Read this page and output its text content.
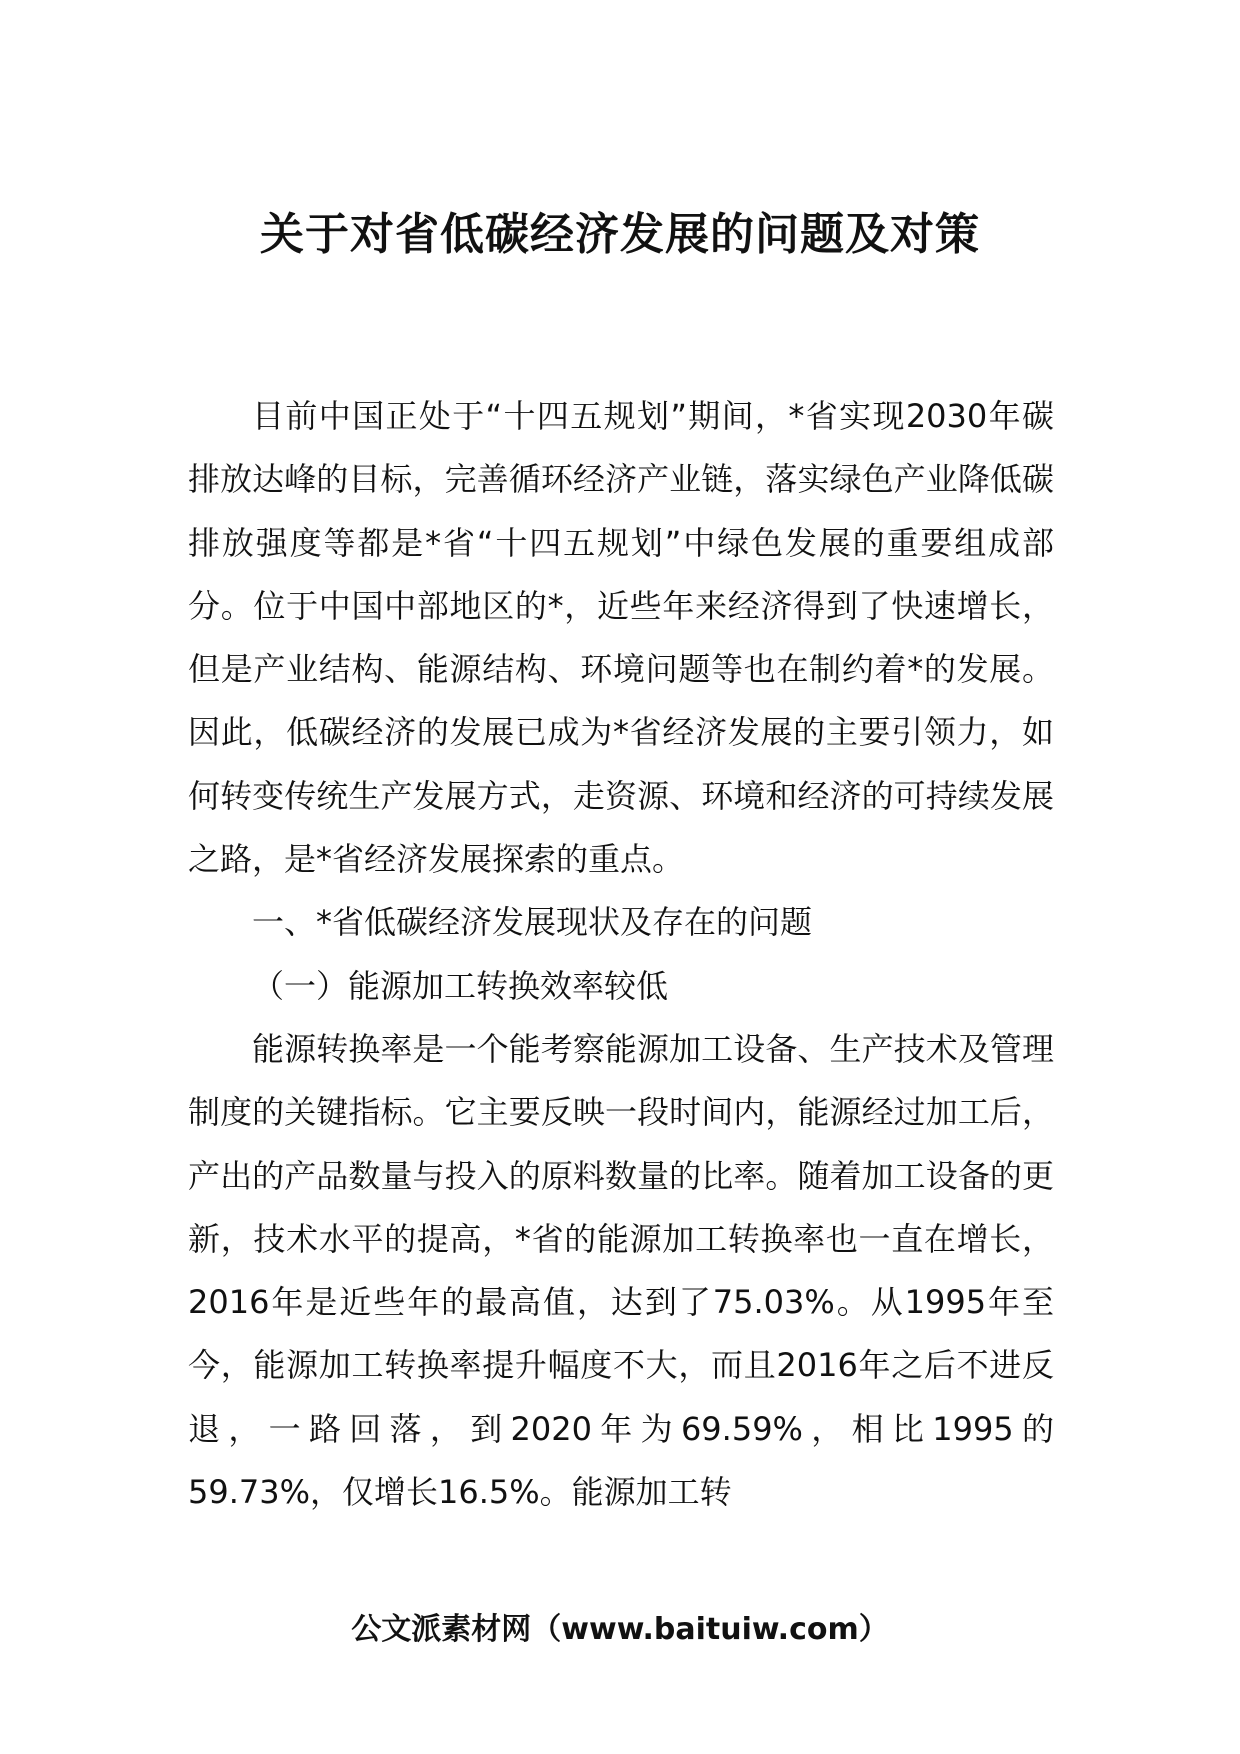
关于对省低碳经济发展的问题及对策

目前中国正处于“十四五规划”期间，*省实现2030年碳排放达峰的目标，完善循环经济产业链，落实绿色产业降低碳排放强度等都是*省“十四五规划”中绿色发展的重要组成部分。位于中国中部地区的*，近些年来经济得到了快速增长，但是产业结构、能源结构、环境问题等也在制约着*的发展。因此，低碳经济的发展已成为*省经济发展的主要引领力，如何转变传统生产发展方式，走资源、环境和经济的可持续发展之路，是*省经济发展探索的重点。

一、*省低碳经济发展现状及存在的问题

（一）能源加工转换效率较低

能源转换率是一个能考察能源加工设备、生产技术及管理制度的关键指标。它主要反映一段时间内，能源经过加工后，产出的产品数量与投入的原料数量的比率。随着加工设备的更新，技术水平的提高，*省的能源加工转换率也一直在增长，2016年是近些年的最高值，达到了75.03%。从1995年至今，能源加工转换率提升幅度不大，而且2016年之后不进反退，一路回落，到2020年为69.59%，相比1995的59.73%，仅增长16.5%。能源加工转

公文派素材网（www.baituiw.com）
